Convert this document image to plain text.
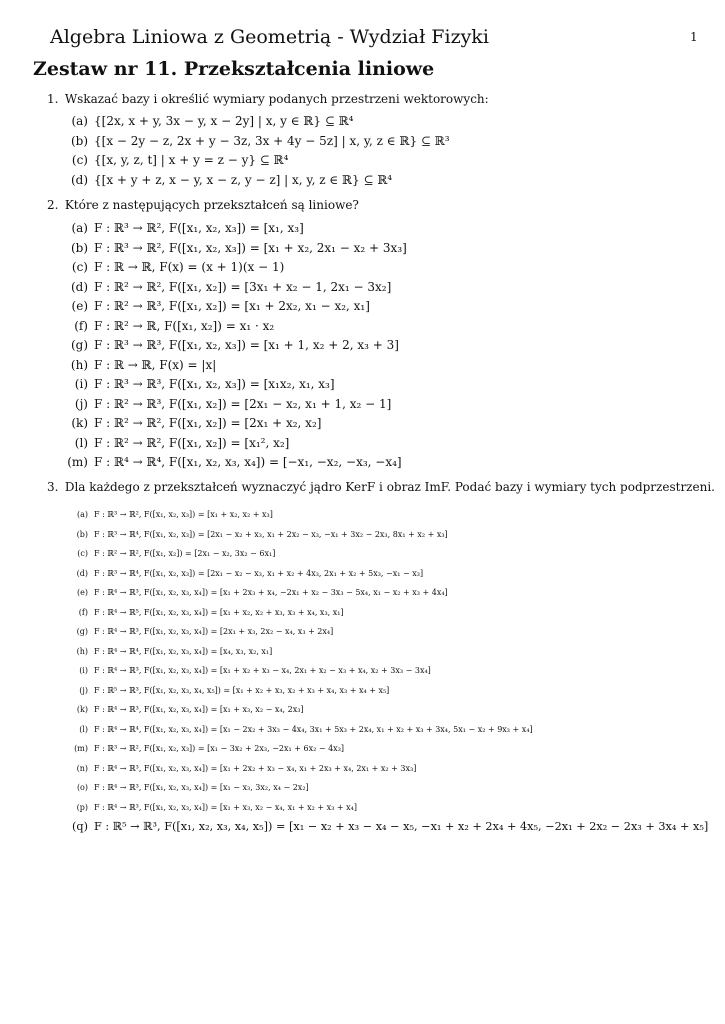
Algebra Liniowa z Geometrią - Wydział Fizyki	1
Zestaw nr 11. Przekształcenia liniowe
1. Wskazać bazy i określić wymiary podanych przestrzeni wektorowych:
(a) {[2x, x + y, 3x − y, x − 2y] | x, y ∈ ℝ} ⊆ ℝ⁴
(b) {[x − 2y − z, 2x + y − 3z, 3x + 4y − 5z] | x, y, z ∈ ℝ} ⊆ ℝ³
(c) {[x, y, z, t] | x + y = z − y} ⊆ ℝ⁴
(d) {[x + y + z, x − y, x − z, y − z] | x, y, z ∈ ℝ} ⊆ ℝ⁴
2. Które z następujących przekształceń są liniowe?
(a) F : ℝ³ → ℝ², F([x₁, x₂, x₃]) = [x₁, x₃]
(b) F : ℝ³ → ℝ², F([x₁, x₂, x₃]) = [x₁ + x₂, 2x₁ − x₂ + 3x₃]
(c) F : ℝ → ℝ, F(x) = (x + 1)(x − 1)
(d) F : ℝ² → ℝ², F([x₁, x₂]) = [3x₁ + x₂ − 1, 2x₁ − 3x₂]
(e) F : ℝ² → ℝ³, F([x₁, x₂]) = [x₁ + 2x₂, x₁ − x₂, x₁]
(f) F : ℝ² → ℝ, F([x₁, x₂]) = x₁ · x₂
(g) F : ℝ³ → ℝ³, F([x₁, x₂, x₃]) = [x₁ + 1, x₂ + 2, x₃ + 3]
(h) F : ℝ → ℝ, F(x) = |x|
(i) F : ℝ³ → ℝ³, F([x₁, x₂, x₃]) = [x₁x₂, x₁, x₃]
(j) F : ℝ² → ℝ³, F([x₁, x₂]) = [2x₁ − x₂, x₁ + 1, x₂ − 1]
(k) F : ℝ² → ℝ², F([x₁, x₂]) = [2x₁ + x₂, x₂]
(l) F : ℝ² → ℝ², F([x₁, x₂]) = [x₁², x₂]
(m) F : ℝ⁴ → ℝ⁴, F([x₁, x₂, x₃, x₄]) = [−x₁, −x₂, −x₃, −x₄]
3. Dla każdego z przekształceń wyznaczyć jądro KerF i obraz ImF. Podać bazy i wymiary tych podprzestrzeni.
(a) F : ℝ³ → ℝ², F([x₁, x₂, x₃]) = [x₁ + x₂, x₂ + x₃]
(b) F : ℝ³ → ℝ⁴, F([x₁, x₂, x₃]) = [2x₁ − x₂ + x₃, x₁ + 2x₂ − x₃, −x₁ + 3x₂ − 2x₃, 8x₁ + x₂ + x₃]
(c) F : ℝ² → ℝ², F([x₁, x₂]) = [2x₁ − x₂, 3x₂ − 6x₁]
(d) F : ℝ³ → ℝ⁴, F([x₁, x₂, x₃]) = [2x₁ − x₂ − x₃, x₁ + x₂ + 4x₃, 2x₁ + x₂ + 5x₃, −x₁ − x₃]
(e) F : ℝ⁴ → ℝ³, F([x₁, x₂, x₃, x₄]) = [x₁ + 2x₃ + x₄, −2x₁ + x₂ − 3x₃ − 5x₄, x₁ − x₂ + x₃ + 4x₄]
(f) F : ℝ⁴ → ℝ⁵, F([x₁, x₂, x₃, x₄]) = [x₁ + x₂, x₂ + x₃, x₃ + x₄, x₃, x₁]
(g) F : ℝ⁴ → ℝ³, F([x₁, x₂, x₃, x₄]) = [2x₁ + x₃, 2x₂ − x₄, x₃ + 2x₄]
(h) F : ℝ⁴ → ℝ⁴, F([x₁, x₂, x₃, x₄]) = [x₄, x₃, x₂, x₁]
(i) F : ℝ⁴ → ℝ³, F([x₁, x₂, x₃, x₄]) = [x₁ + x₂ + x₃ − x₄, 2x₁ + x₂ − x₃ + x₄, x₂ + 3x₃ − 3x₄]
(j) F : ℝ⁵ → ℝ³, F([x₁, x₂, x₃, x₄, x₅]) = [x₁ + x₂ + x₃, x₂ + x₃ + x₄, x₃ + x₄ + x₅]
(k) F : ℝ⁴ → ℝ³, F([x₁, x₂, x₃, x₄]) = [x₁ + x₃, x₂ − x₄, 2x₃]
(l) F : ℝ⁴ → ℝ⁴, F([x₁, x₂, x₃, x₄]) = [x₁ − 2x₂ + 3x₃ − 4x₄, 3x₁ + 5x₃ + 2x₄, x₁ + x₂ + x₃ + 3x₄, 5x₁ − x₂ + 9x₃ + x₄]
(m) F : ℝ³ → ℝ², F([x₁, x₂, x₃]) = [x₁ − 3x₂ + 2x₃, −2x₁ + 6x₂ − 4x₃]
(n) F : ℝ⁴ → ℝ³, F([x₁, x₂, x₃, x₄]) = [x₁ + 2x₂ + x₃ − x₄, x₁ + 2x₃ + x₄, 2x₁ + x₂ + 3x₃]
(o) F : ℝ⁴ → ℝ³, F([x₁, x₂, x₃, x₄]) = [x₁ − x₃, 3x₂, x₄ − 2x₂]
(p) F : ℝ⁴ → ℝ³, F([x₁, x₂, x₃, x₄]) = [x₁ + x₃, x₂ − x₄, x₁ + x₂ + x₃ + x₄]
(q) F : ℝ⁵ → ℝ³, F([x₁, x₂, x₃, x₄, x₅]) = [x₁ − x₂ + x₃ − x₄ − x₅, −x₁ + x₂ + 2x₄ + 4x₅, −2x₁ + 2x₂ − 2x₃ + 3x₄ + x₅]
